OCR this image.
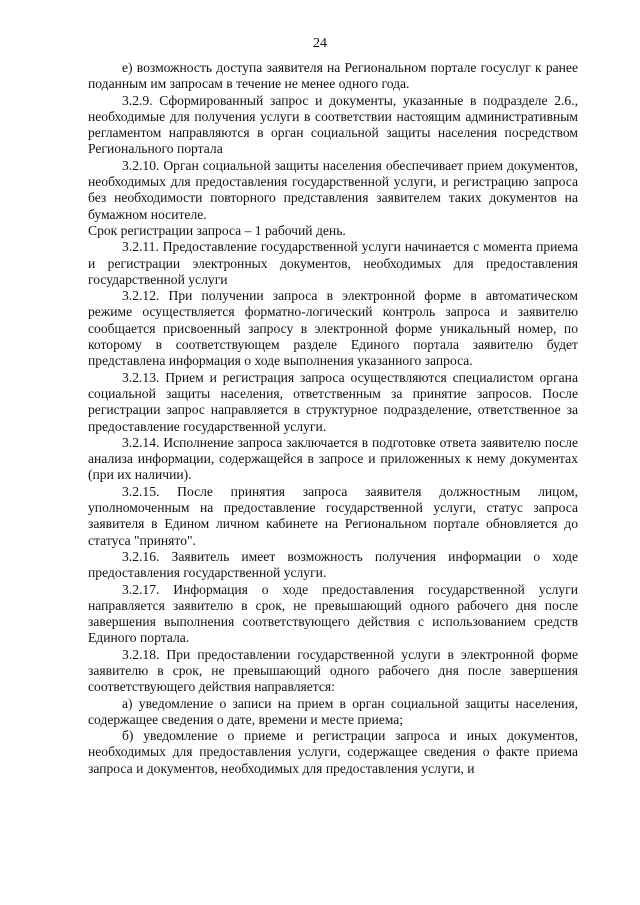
24

е) возможность доступа заявителя на Региональном портале госуслуг к ранее поданным им запросам в течение не менее одного года.

3.2.9. Сформированный запрос и документы, указанные в подразделе 2.6., необходимые для получения услуги в соответствии настоящим административным регламентом направляются в орган социальной защиты населения посредством Регионального портала

3.2.10. Орган социальной защиты населения обеспечивает прием документов, необходимых для предоставления государственной услуги, и регистрацию запроса без необходимости повторного представления заявителем таких документов на бумажном носителе.

Срок регистрации запроса – 1 рабочий день.

3.2.11. Предоставление государственной услуги начинается с момента приема и регистрации электронных документов, необходимых для предоставления государственной услуги

3.2.12. При получении запроса в электронной форме в автоматическом режиме осуществляется форматно-логический контроль запроса и заявителю сообщается присвоенный запросу в электронной форме уникальный номер, по которому в соответствующем разделе Единого портала заявителю будет представлена информация о ходе выполнения указанного запроса.

3.2.13. Прием и регистрация запроса осуществляются специалистом органа социальной защиты населения, ответственным за принятие запросов. После регистрации запрос направляется в структурное подразделение, ответственное за предоставление государственной услуги.

3.2.14. Исполнение запроса заключается в подготовке ответа заявителю после анализа информации, содержащейся в запросе и приложенных к нему документах (при их наличии).

3.2.15. После принятия запроса заявителя должностным лицом, уполномоченным на предоставление государственной услуги, статус запроса заявителя в Едином личном кабинете на Региональном портале обновляется до статуса "принято".

3.2.16. Заявитель имеет возможность получения информации о ходе предоставления государственной услуги.

3.2.17. Информация о ходе предоставления государственной услуги направляется заявителю в срок, не превышающий одного рабочего дня после завершения выполнения соответствующего действия с использованием средств Единого портала.

3.2.18. При предоставлении государственной услуги в электронной форме заявителю в срок, не превышающий одного рабочего дня после завершения соответствующего действия направляется:

а) уведомление о записи на прием в орган социальной защиты населения, содержащее сведения о дате, времени и месте приема;

б) уведомление о приеме и регистрации запроса и иных документов, необходимых для предоставления услуги, содержащее сведения о факте приема запроса и документов, необходимых для предоставления услуги, и
